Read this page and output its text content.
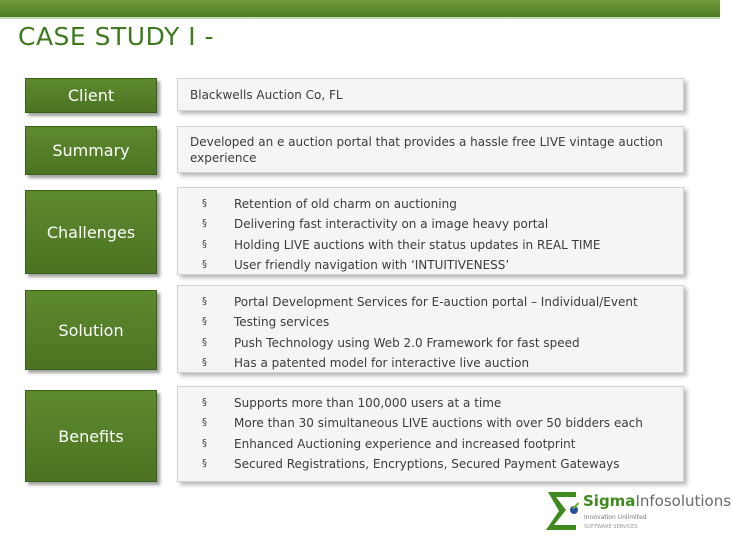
CASE STUDY I -
Client	Blackwells Auction Co, FL
Summary	Developed an e auction portal that provides a hassle free LIVE vintage auction experience
Challenges
§ Retention of old charm on auctioning
§ Delivering fast interactivity on a image heavy portal
§ Holding LIVE auctions with their status updates in REAL TIME
§ User friendly navigation with ‘INTUITIVENESS’
Solution
§ Portal Development Services for E-auction portal – Individual/Event
§ Testing services
§ Push Technology using Web 2.0 Framework for fast speed
§ Has a patented model for interactive live auction
Benefits
§ Supports more than 100,000 users at a time
§ More than 30 simultaneous LIVE auctions with over 50 bidders each
§ Enhanced Auctioning experience and increased footprint
§ Secured Registrations, Encryptions, Secured Payment Gateways
SigmaInfosolutions
Innovation Unlimited
SOFTWARE SERVICES
